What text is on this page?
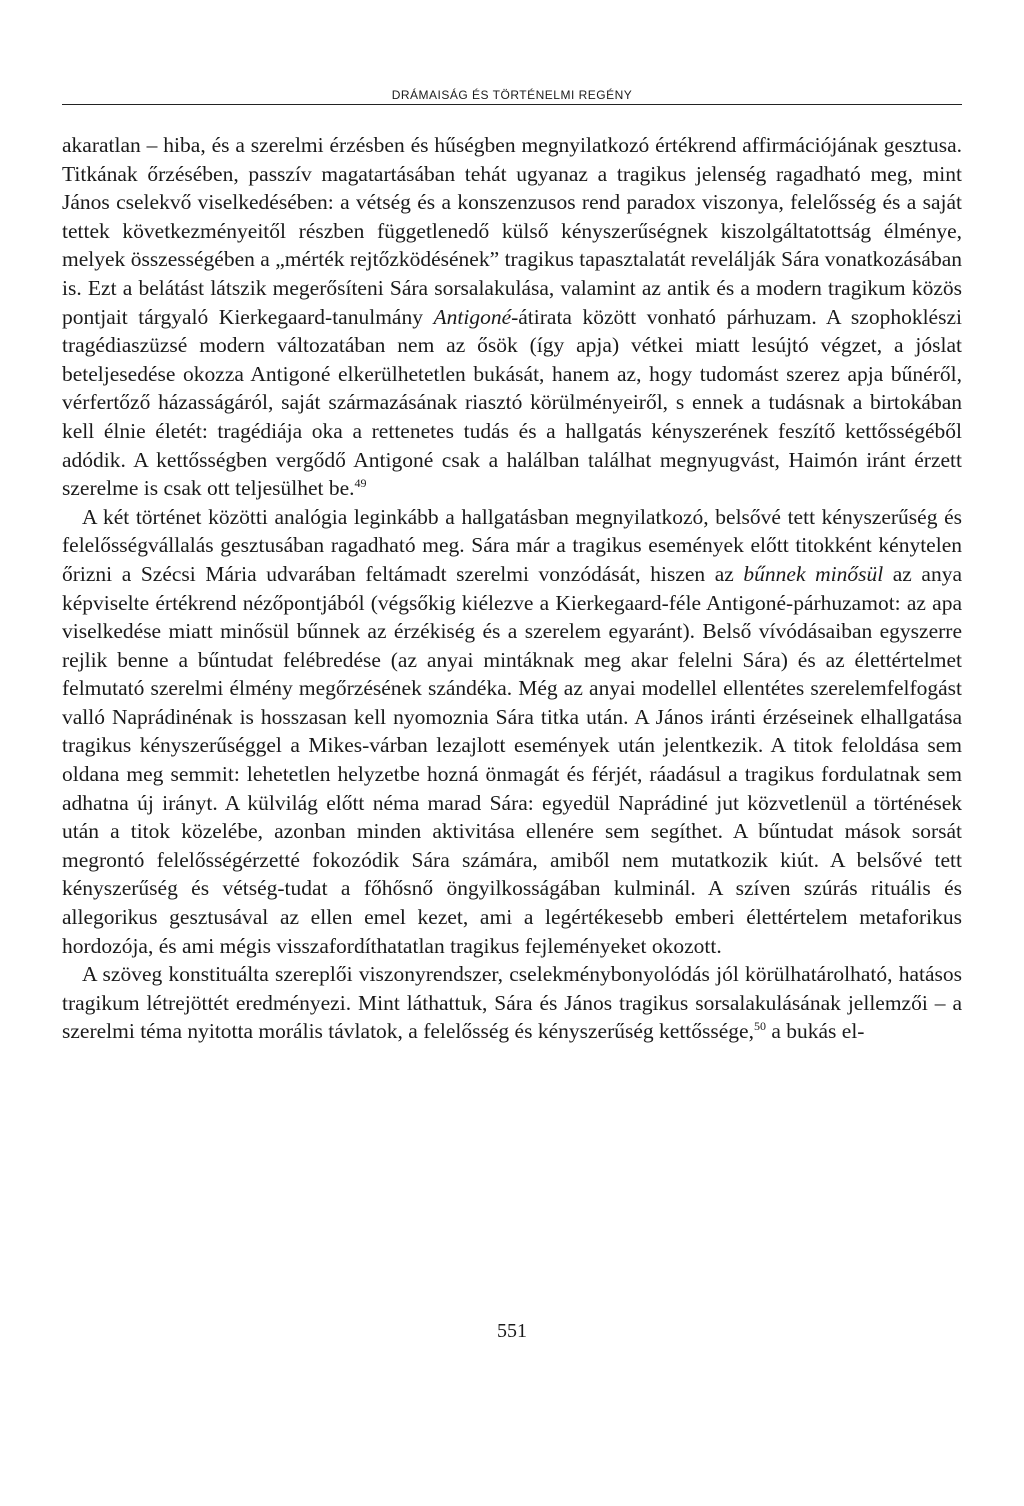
DRÁMAISÁG ÉS TÖRTÉNELMI REGÉNY

akaratlan – hiba, és a szerelmi érzésben és hűségben megnyilatkozó értékrend affirmációjának gesztusa. Titkának őrzésében, passzív magatartásában tehát ugyanaz a tragikus jelenség ragadható meg, mint János cselekvő viselkedésében: a vétség és a konszenzusos rend paradox viszonya, felelősség és a saját tettek következményeitől részben függetlenedő külső kényszerűségnek kiszolgáltatottság élménye, melyek összességében a „mérték rejtőzködésének” tragikus tapasztalatát revelálják Sára vonatkozásában is. Ezt a belátást látszik megerősíteni Sára sorsalakulása, valamint az antik és a modern tragikum közös pontjait tárgyaló Kierkegaard-tanulmány Antigoné-átirata között vonható párhuzam. A szophoklészi tragédiaszüzsé modern változatában nem az ősök (így apja) vétkei miatt lesújtó végzet, a jóslat beteljesedése okozza Antigoné elkerülhetetlen bukását, hanem az, hogy tudomást szerez apja bűnéről, vérfertőző házasságáról, saját származásának riasztó körülményeiről, s ennek a tudásnak a birtokában kell élnie életét: tragédiája oka a rettenetes tudás és a hallgatás kényszerének feszítő kettősségéből adódik. A kettősségben vergődő Antigoné csak a halálban találhat megnyugvást, Haimón iránt érzett szerelme is csak ott teljesülhet be.$^{49}$

A két történet közötti analógia leginkább a hallgatásban megnyilatkozó, belsővé tett kényszerűség és felelősségvállalás gesztusában ragadható meg. Sára már a tragikus események előtt titokként kénytelen őrizni a Szécsi Mária udvarában feltámadt szerelmi vonzódását, hiszen az bűnnek minősül az anya képviselte értékrend nézőpontjából (végsőkig kiélezve a Kierkegaard-féle Antigoné-párhuzamot: az apa viselkedése miatt minősül bűnnek az érzékiség és a szerelem egyaránt). Belső vívódásaiban egyszerre rejlik benne a bűntudat felébredése (az anyai mintáknak meg akar felelni Sára) és az élettértelmet felmutató szerelmi élmény megőrzésének szándéka. Még az anyai modellel ellentétes szerelemfelfogást valló Naprádinénak is hosszasan kell nyomoznia Sára titka után. A János iránti érzéseinek elhallgatása tragikus kényszerűséggel a Mikes-várban lezajlott események után jelentkezik. A titok feloldása sem oldana meg semmit: lehetetlen helyzetbe hozná önmagát és férjét, ráadásul a tragikus fordulatnak sem adhatna új irányt. A külvilág előtt néma marad Sára: egyedül Naprádiné jut közvetlenül a történések után a titok közelébe, azonban minden aktivitása ellenére sem segíthet. A bűntudat mások sorsát megrontó felelősségérzetté fokozódik Sára számára, amiből nem mutatkozik kiút. A belsővé tett kényszerűség és vétség-tudat a főhősnő öngyilkosságában kulminál. A szíven szúrás rituális és allegorikus gesztusával az ellen emel kezet, ami a legértékesebb emberi élettértelem metaforikus hordozója, és ami mégis visszafordíthatatlan tragikus fejleményeket okozott.

A szöveg konstituálta szereplői viszonyrendszer, cselekménybonyolódás jól körülhatárolható, hatásos tragikum létrejöttét eredményezi. Mint láthattuk, Sára és János tragikus sorsalakulásának jellemzői – a szerelmi téma nyitotta morális távlatok, a felelősség és kényszerűség kettőssége,$^{50}$ a bukás el-

551
